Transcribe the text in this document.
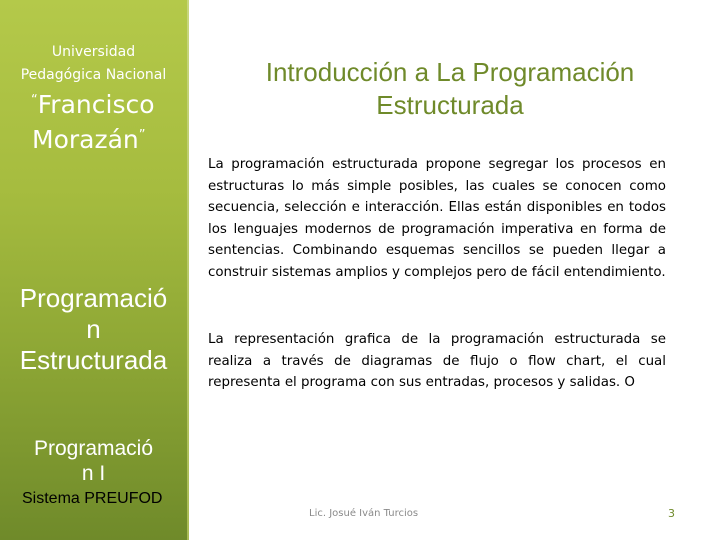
Universidad
Pedagógica Nacional
“Francisco
Morazán”
Programació
n
Estructurada
Programació
n I
Sistema PREUFOD
Introducción a La Programación
Estructurada

La programación estructurada propone segregar los procesos en estructuras lo más simple posibles, las cuales se conocen como secuencia, selección e interacción. Ellas están disponibles en todos los lenguajes modernos de programación imperativa en forma de sentencias. Combinando esquemas sencillos se pueden llegar a construir sistemas amplios y complejos pero de fácil entendimiento.

La representación grafica de la programación estructurada se realiza a través de diagramas de flujo o flow chart, el cual representa el programa con sus entradas, procesos y salidas. O

Lic. Josué Iván Turcios	3
